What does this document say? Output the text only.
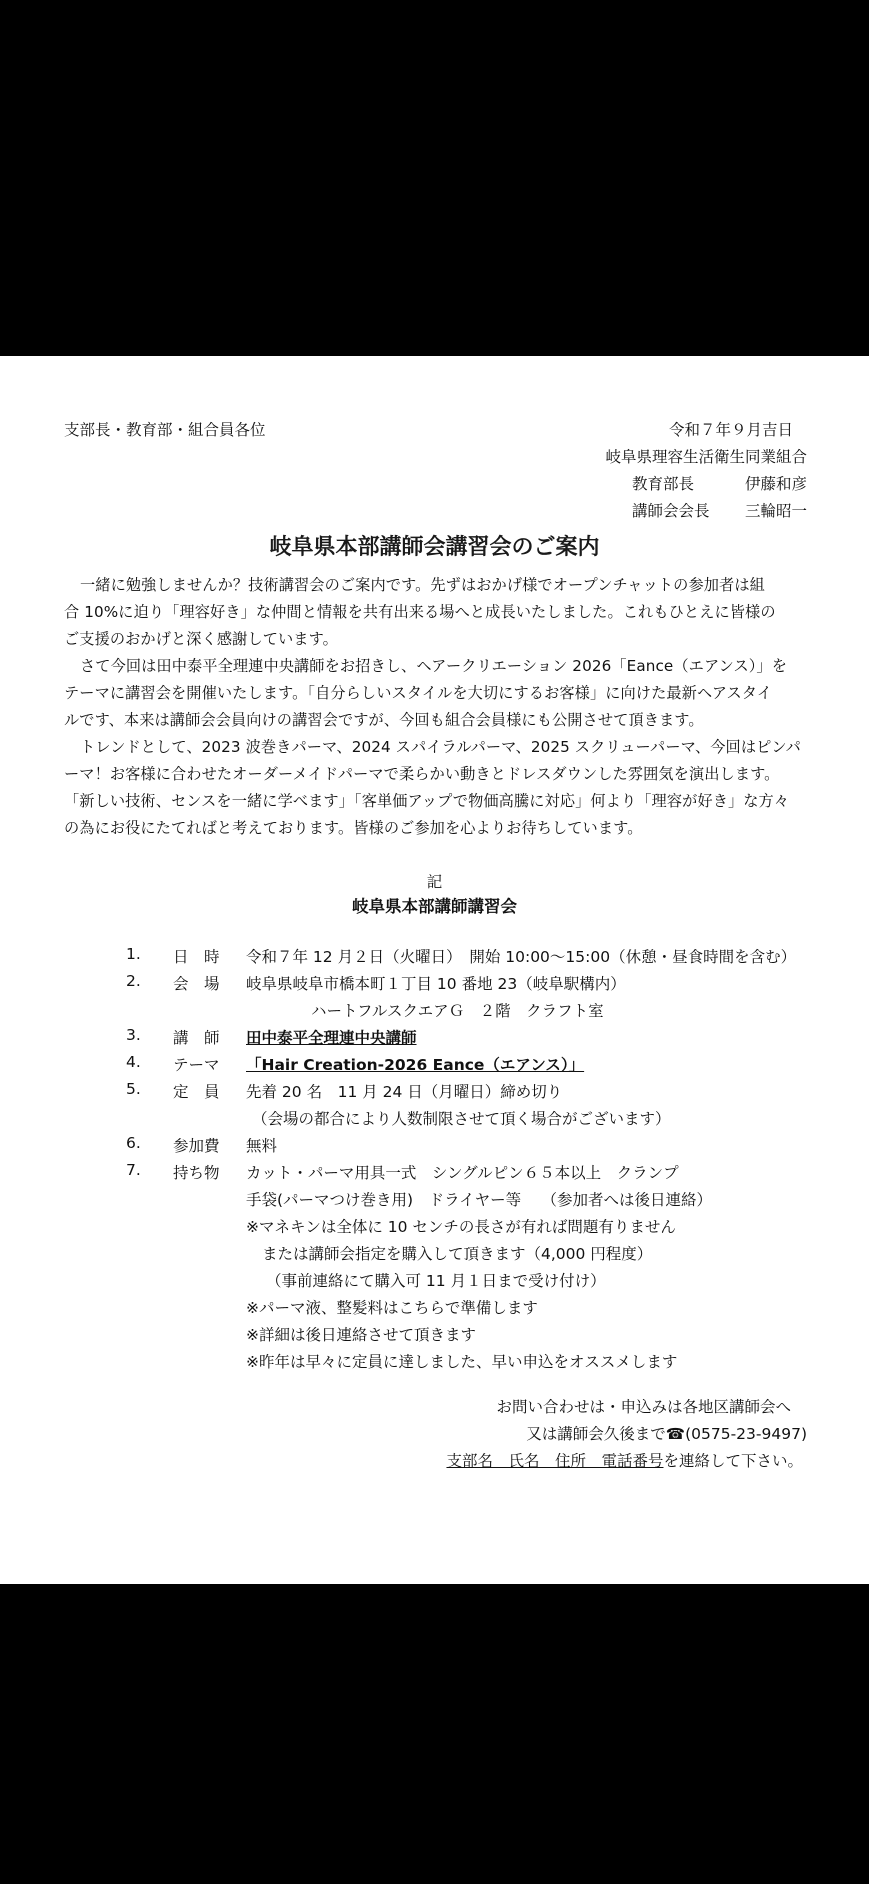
支部長・教育部・組合員各位	令和７年９月吉日
岐阜県理容生活衛生同業組合
教育部長	伊藤和彦
講師会会長 三輪昭一
岐阜県本部講師会講習会のご案内
一緒に勉強しませんか？技術講習会のご案内です。先ずはおかげ様でオープンチャットの参加者は組
合 10%に迫り「理容好き」な仲間と情報を共有出来る場へと成長いたしました。これもひとえに皆様の
ご支援のおかげと深く感謝しています。
さて今回は田中泰平全理連中央講師をお招きし、ヘアークリエーション 2026「Eance（エアンス）」を
テーマに講習会を開催いたします。「自分らしいスタイルを大切にするお客様」に向けた最新ヘアスタイ
ルです、本来は講師会会員向けの講習会ですが、今回も組合会員様にも公開させて頂きます。
トレンドとして、2023 波巻きパーマ、2024 スパイラルパーマ、2025 スクリューパーマ、今回はピンパ
ーマ！お客様に合わせたオーダーメイドパーマで柔らかい動きとドレスダウンした雰囲気を演出します。
「新しい技術、センスを一緒に学べます」「客単価アップで物価高騰に対応」何より「理容が好き」な方々
の為にお役にたてればと考えております。皆様のご参加を心よりお待ちしています。
記
岐阜県本部講師講習会
1. 日　時 令和７年 12 月２日（火曜日）　開始 10:00～15:00（休憩・昼食時間を含む）
2. 会　場 岐阜県岐阜市橋本町１丁目 10 番地 23（岐阜駅構内）
ハートフルスクエアＧ　２階　クラフト室
3. 講　師 田中泰平全理連中央講師
4. テーマ 「Hair Creation-2026 Eance（エアンス）」
5. 定　員 先着 20 名　11 月 24 日（月曜日）締め切り
（会場の都合により人数制限させて頂く場合がございます）
6. 参加費 無料
7. 持ち物 カット・パーマ用具一式　シングルピン６５本以上　クランプ
手袋(パーマつけ巻き用)　ドライヤー等　 （参加者へは後日連絡）
※マネキンは全体に 10 センチの長さが有れば問題有りません
または講師会指定を購入して頂きます（4,000 円程度）
（事前連絡にて購入可 11 月１日まで受け付け）
※パーマ液、整髪料はこちらで準備します
※詳細は後日連絡させて頂きます
※昨年は早々に定員に達しました、早い申込をオススメします
お問い合わせは・申込みは各地区講師会へ
又は講師会久後まで☎(0575-23-9497)
支部名　氏名　住所　電話番号を連絡して下さい。
